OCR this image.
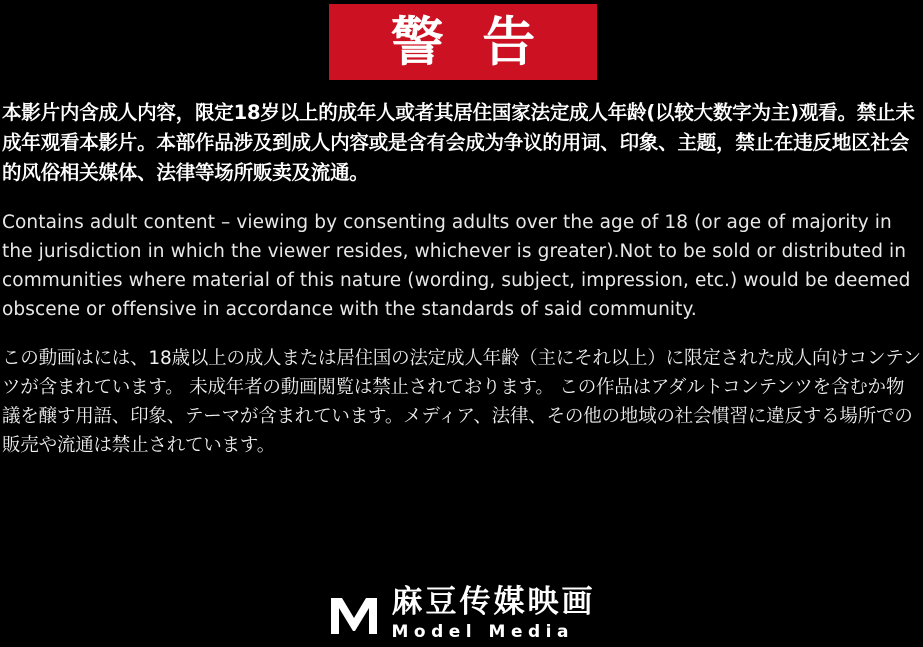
警 告

本影片内含成人内容，限定18岁以上的成年人或者其居住国家法定成人年龄(以较大数字为主)观看。禁止未成年观看本影片。本部作品涉及到成人内容或是含有会成为争议的用词、印象、主题，禁止在违反地区社会的风俗相关媒体、法律等场所贩卖及流通。

Contains adult content – viewing by consenting adults over the age of 18 (or age of majority in the jurisdiction in which the viewer resides, whichever is greater).Not to be sold or distributed in communities where material of this nature (wording, subject, impression, etc.) would be deemed obscene or offensive in accordance with the standards of said community.

この動画はには、18歳以上の成人または居住国の法定成人年齢（主にそれ以上）に限定された成人向けコンテンツが含まれています。 未成年者の動画閲覧は禁止されております。 この作品はアダルトコンテンツを含むか物議を醸す用語、印象、テーマが含まれています。メディア、法律、その他の地域の社会慣習に違反する場所での販売や流通は禁止されています。

麻豆传媒映画
Model Media
